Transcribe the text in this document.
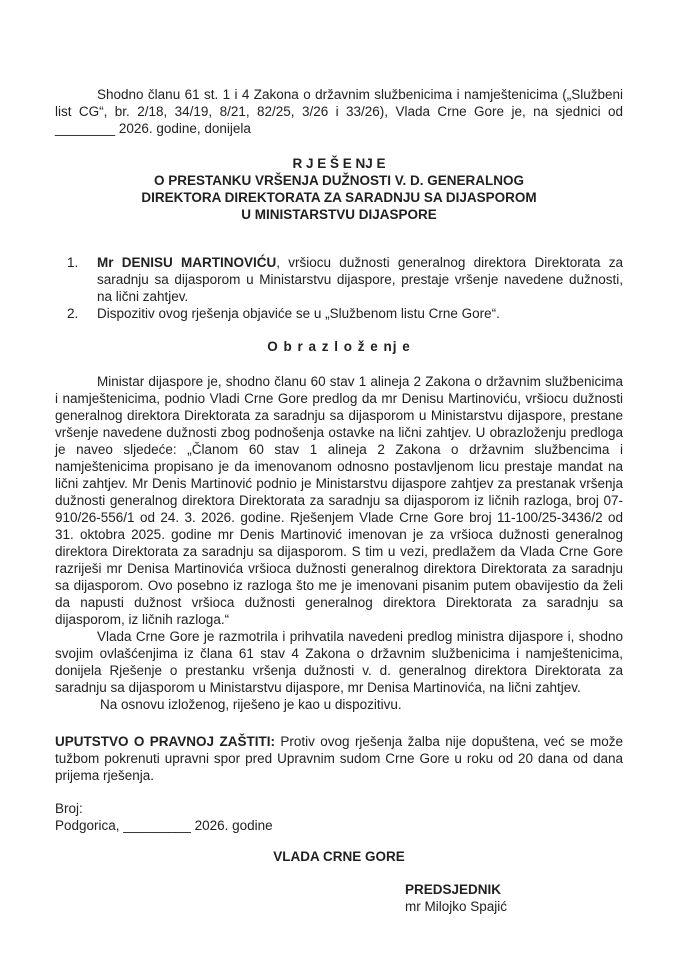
Shodno članu 61 st. 1 i 4 Zakona o državnim službenicima i namještenicima („Službeni list CG“, br. 2/18, 34/19, 8/21, 82/25, 3/26 i 33/26), Vlada Crne Gore je, na sjednici od ________ 2026. godine, donijela

R J E Š E NJ E
O PRESTANKU VRŠENJA DUŽNOSTI V. D. GENERALNOG
DIREKTORA DIREKTORATA ZA SARADNJU SA DIJASPOROM
U MINISTARSTVU DIJASPORE
1.	Mr DENISU MARTINOVIĆU, vršiocu dužnosti generalnog direktora Direktorata za saradnju sa dijasporom u Ministarstvu dijaspore, prestaje vršenje navedene dužnosti, na lični zahtjev.

2.	Dispozitiv ovog rješenja objaviće se u „Službenom listu Crne Gore“.

O b r a z l o ž e nj e

Ministar dijaspore je, shodno članu 60 stav 1 alineja 2 Zakona o državnim službenicima i namještenicima, podnio Vladi Crne Gore predlog da mr Denisu Martinoviću, vršiocu dužnosti generalnog direktora Direktorata za saradnju sa dijasporom u Ministarstvu dijaspore, prestane vršenje navedene dužnosti zbog podnošenja ostavke na lični zahtjev. U obrazloženju predloga je naveo sljedeće: „Članom 60 stav 1 alineja 2 Zakona o državnim službencima i namještenicima propisano je da imenovanom odnosno postavljenom licu prestaje mandat na lični zahtjev. Mr Denis Martinović podnio je Ministarstvu dijaspore zahtjev za prestanak vršenja dužnosti generalnog direktora Direktorata za saradnju sa dijasporom iz ličnih razloga, broj 07-910/26-556/1 od 24. 3. 2026. godine. Rješenjem Vlade Crne Gore broj 11-100/25-3436/2 od 31. oktobra 2025. godine mr Denis Martinović imenovan je za vršioca dužnosti generalnog direktora Direktorata za saradnju sa dijasporom. S tim u vezi, predlažem da Vlada Crne Gore razriješi mr Denisa Martinovića vršioca dužnosti generalnog direktora Direktorata za saradnju sa dijasporom. Ovo posebno iz razloga što me je imenovani pisanim putem obavijestio da želi da napusti dužnost vršioca dužnosti generalnog direktora Direktorata za saradnju sa dijasporom, iz ličnih razloga.“

Vlada Crne Gore je razmotrila i prihvatila navedeni predlog ministra dijaspore i, shodno svojim ovlašćenjima iz člana 61 stav 4 Zakona o državnim službenicima i namještenicima, donijela Rješenje o prestanku vršenja dužnosti v. d. generalnog direktora Direktorata za saradnju sa dijasporom u Ministarstvu dijaspore, mr Denisa Martinovića, na lični zahtjev.

Na osnovu izloženog, riješeno je kao u dispozitivu.

UPUTSTVO O PRAVNOJ ZAŠTITI: Protiv ovog rješenja žalba nije dopuštena, već se može tužbom pokrenuti upravni spor pred Upravnim sudom Crne Gore u roku od 20 dana od dana prijema rješenja.

Broj:

Podgorica, _________ 2026. godine

VLADA CRNE GORE

PREDSJEDNIK
mr Milojko Spajić
